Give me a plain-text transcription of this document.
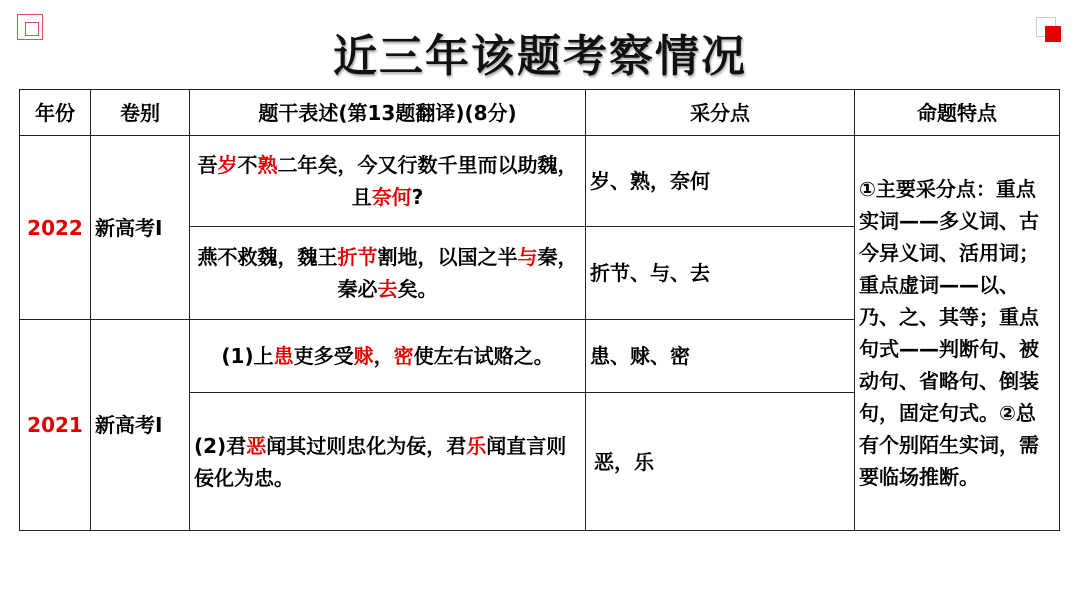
近三年该题考察情况
年份	卷别	题干表述(第13题翻译)(8分)	采分点	命题特点
2022	新高考Ⅰ	吾岁不熟二年矣，今又行数千里而以助魏，且奈何?	岁、熟，奈何	①主要采分点：重点实词——多义词、古今异义词、活用词；重点虚词——以、乃、之、其等；重点句式——判断句、被动句、省略句、倒装句，固定句式。②总有个别陌生实词，需要临场推断。
		燕不救魏，魏王折节割地，以国之半与秦，秦必去矣。	折节、与、去	
2021	新高考Ⅰ	(1)上患吏多受赇，密使左右试赂之。	患、赇、密	
		(2)君恶闻其过则忠化为佞，君乐闻直言则佞化为忠。	恶，乐	
